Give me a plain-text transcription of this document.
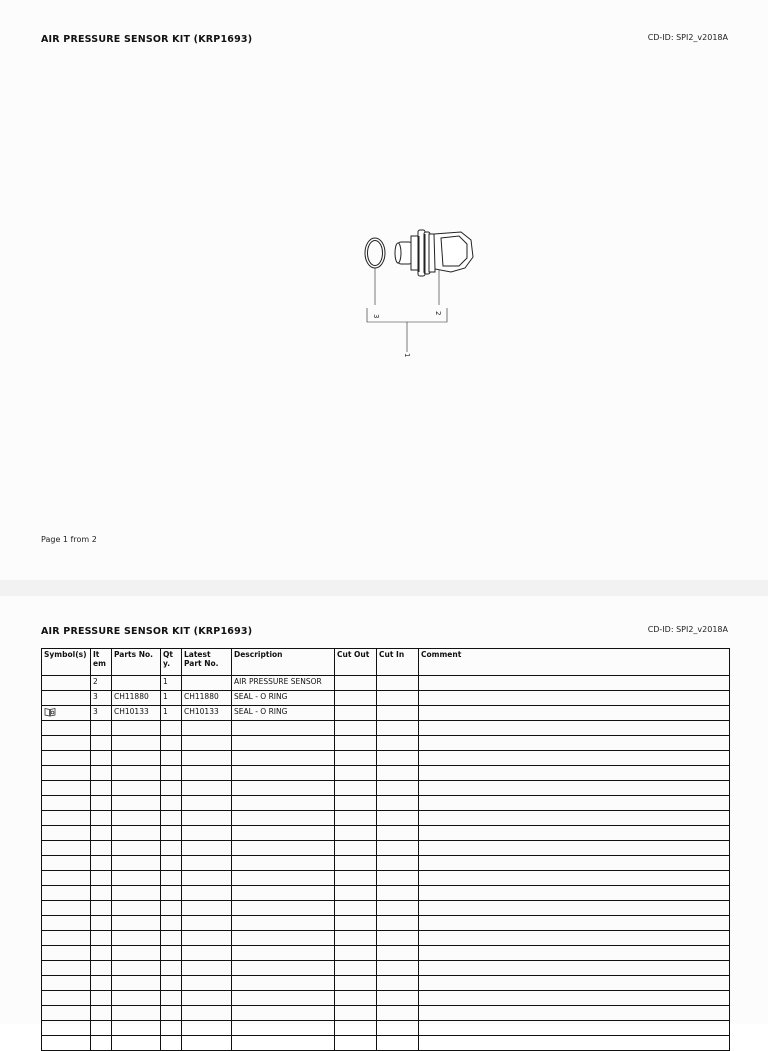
AIR PRESSURE SENSOR KIT (KRP1693)	CD-ID: SPI2_v2018A
3
2
1
Page 1 from 2
AIR PRESSURE SENSOR KIT (KRP1693)	CD-ID: SPI2_v2018A
Symbol(s)	It em	Parts No.	Qt y.	Latest Part No.	Description	Cut Out	Cut In	Comment
	2		1		AIR PRESSURE SENSOR			
	3	CH11880	1	CH11880	SEAL - O RING			
	3	CH10133	1	CH10133	SEAL - O RING			
